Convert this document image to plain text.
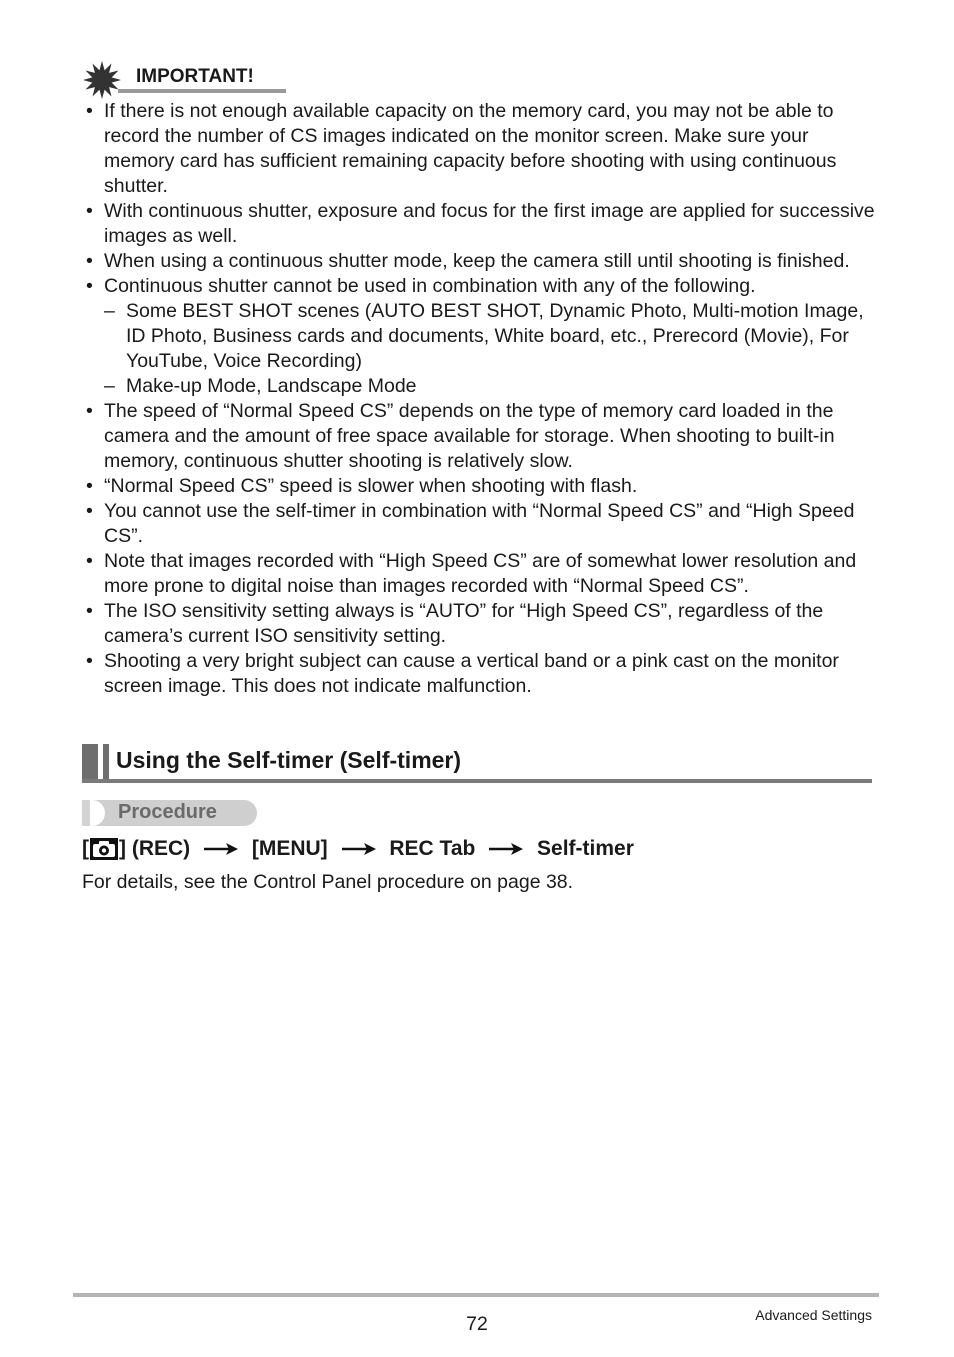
IMPORTANT!
• If there is not enough available capacity on the memory card, you may not be able to record the number of CS images indicated on the monitor screen. Make sure your memory card has sufficient remaining capacity before shooting with using continuous shutter.
• With continuous shutter, exposure and focus for the first image are applied for successive images as well.
• When using a continuous shutter mode, keep the camera still until shooting is finished.
• Continuous shutter cannot be used in combination with any of the following.
– Some BEST SHOT scenes (AUTO BEST SHOT, Dynamic Photo, Multi-motion Image, ID Photo, Business cards and documents, White board, etc., Prerecord (Movie), For YouTube, Voice Recording)
– Make-up Mode, Landscape Mode
• The speed of “Normal Speed CS” depends on the type of memory card loaded in the camera and the amount of free space available for storage. When shooting to built-in memory, continuous shutter shooting is relatively slow.
• “Normal Speed CS” speed is slower when shooting with flash.
• You cannot use the self-timer in combination with “Normal Speed CS” and “High Speed CS”.
• Note that images recorded with “High Speed CS” are of somewhat lower resolution and more prone to digital noise than images recorded with “Normal Speed CS”.
• The ISO sensitivity setting always is “AUTO” for “High Speed CS”, regardless of the camera’s current ISO sensitivity setting.
• Shooting a very bright subject can cause a vertical band or a pink cast on the monitor screen image. This does not indicate malfunction.
Using the Self-timer (Self-timer)
Procedure
[ ] (REC)	[MENU]	REC Tab	Self-timer
For details, see the Control Panel procedure on page 38.
72	Advanced Settings
